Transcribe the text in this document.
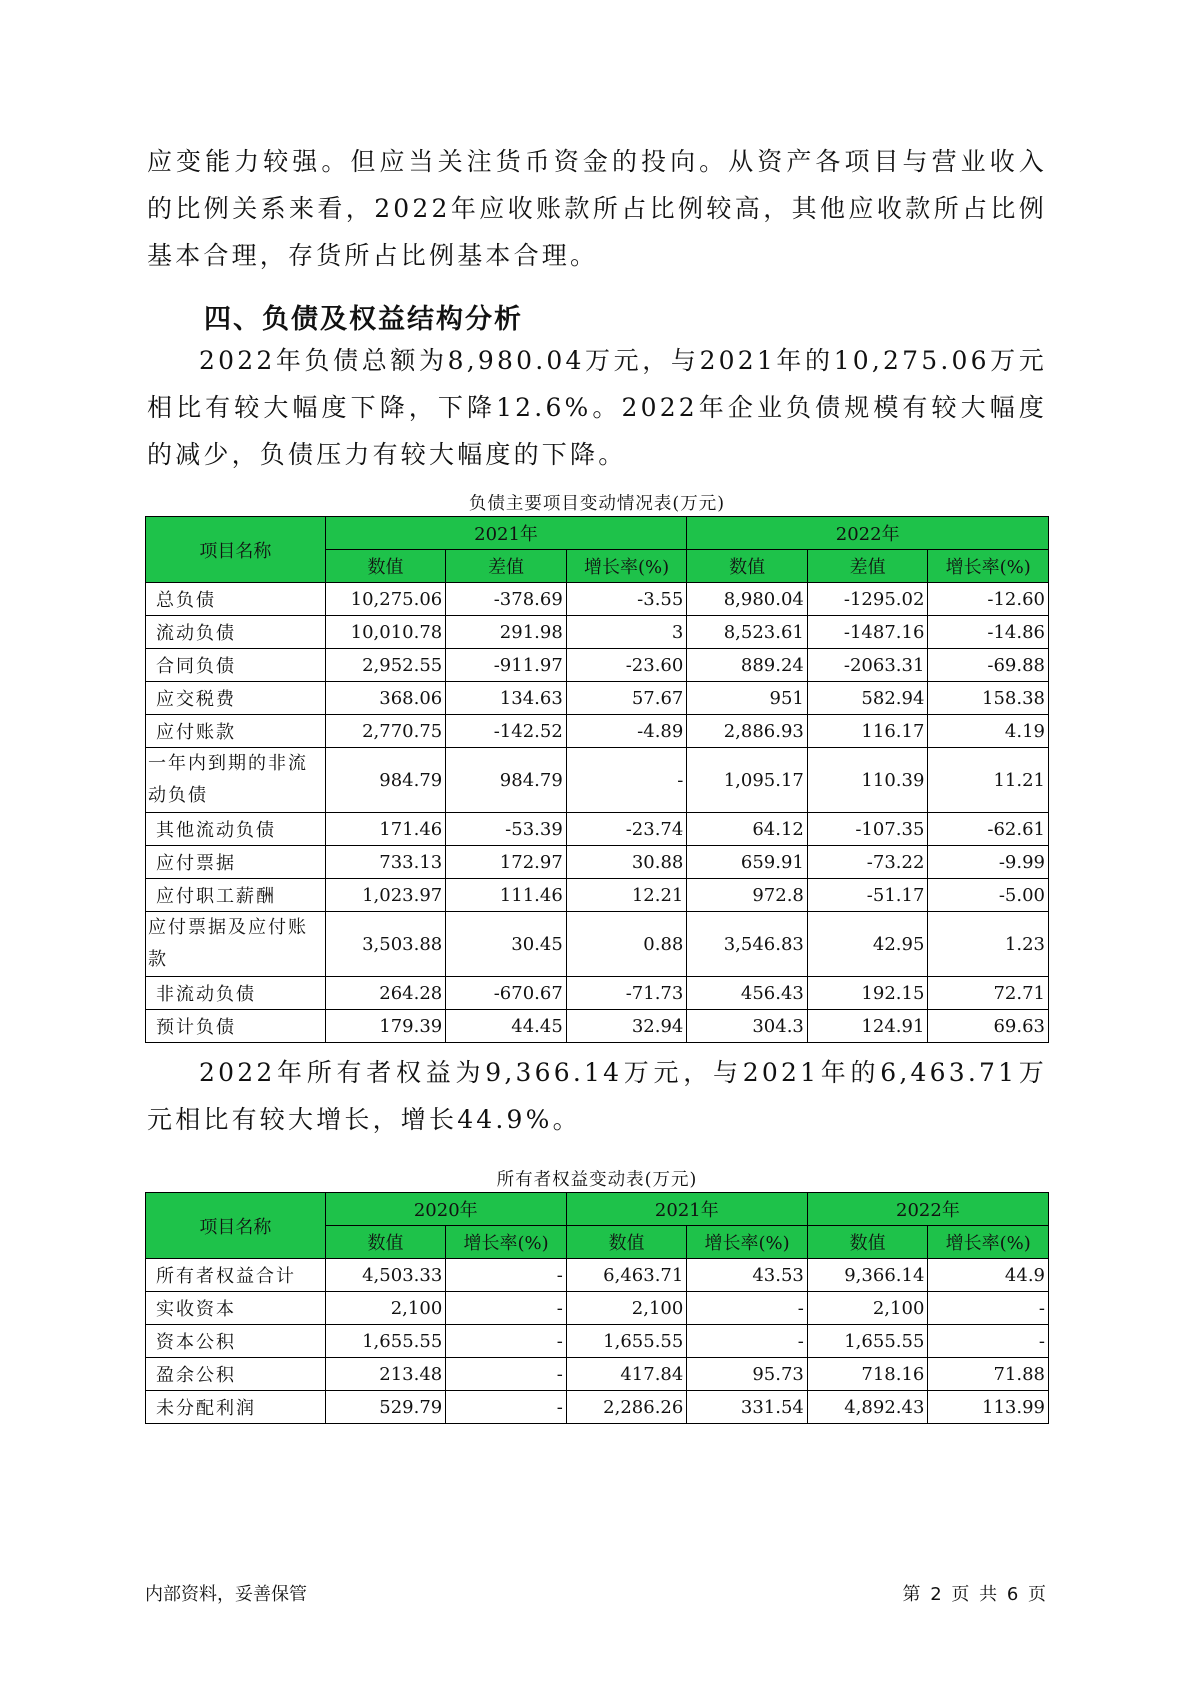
应变能力较强。但应当关注货币资金的投向。从资产各项目与营业收入的比例关系来看，2022年应收账款所占比例较高，其他应收款所占比例基本合理，存货所占比例基本合理。

四、负债及权益结构分析

2022年负债总额为8,980.04万元，与2021年的10,275.06万元相比有较大幅度下降，下降12.6%。2022年企业负债规模有较大幅度的减少，负债压力有较大幅度的下降。

负债主要项目变动情况表(万元)

项目名称	2021年			2022年		
	数值	差值	增长率(%)	数值	差值	增长率(%)
总负债	10,275.06	-378.69	-3.55	8,980.04	-1295.02	-12.60
流动负债	10,010.78	291.98	3	8,523.61	-1487.16	-14.86
合同负债	2,952.55	-911.97	-23.60	889.24	-2063.31	-69.88
应交税费	368.06	134.63	57.67	951	582.94	158.38
应付账款	2,770.75	-142.52	-4.89	2,886.93	116.17	4.19
一年内到期的非流动负债	984.79	984.79	-	1,095.17	110.39	11.21
其他流动负债	171.46	-53.39	-23.74	64.12	-107.35	-62.61
应付票据	733.13	172.97	30.88	659.91	-73.22	-9.99
应付职工薪酬	1,023.97	111.46	12.21	972.8	-51.17	-5.00
应付票据及应付账款	3,503.88	30.45	0.88	3,546.83	42.95	1.23
非流动负债	264.28	-670.67	-71.73	456.43	192.15	72.71
预计负债	179.39	44.45	32.94	304.3	124.91	69.63

2022年所有者权益为9,366.14万元，与2021年的6,463.71万元相比有较大增长，增长44.9%。

所有者权益变动表(万元)

项目名称	2020年		2021年		2022年	
	数值	增长率(%)	数值	增长率(%)	数值	增长率(%)
所有者权益合计	4,503.33	-	6,463.71	43.53	9,366.14	44.9
实收资本	2,100	-	2,100	-	2,100	-
资本公积	1,655.55	-	1,655.55	-	1,655.55	-
盈余公积	213.48	-	417.84	95.73	718.16	71.88
未分配利润	529.79	-	2,286.26	331.54	4,892.43	113.99
内部资料，妥善保管	第 2 页 共 6 页
